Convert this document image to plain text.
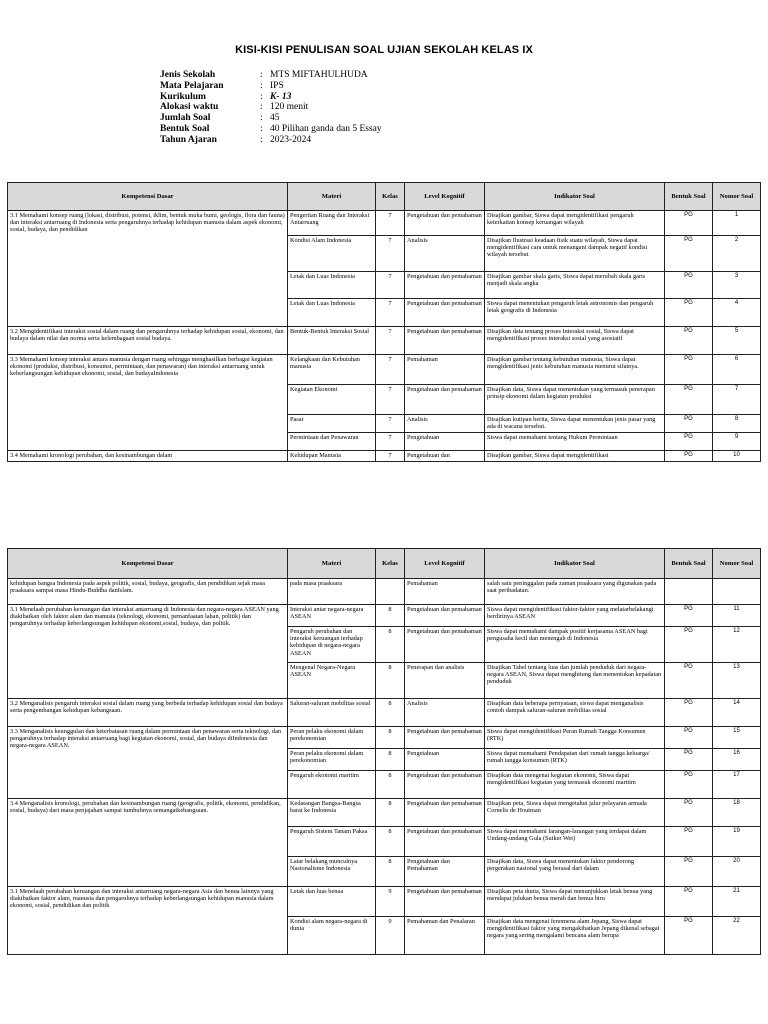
KISI-KISI PENULISAN SOAL UJIAN SEKOLAH KELAS IX
Jenis Sekolah	: MTS MIFTAHULHUDA
Mata Pelajaran	: IPS
Kurikulum	: K- 13
Alokasi waktu	: 120 menit
Jumlah Soal	: 45
Bentuk Soal	: 40 Pilihan ganda dan 5 Essay
Tahun Ajaran	: 2023-2024
Kompetensi Dasar	Materi	Kelas	Level Kognitif	Indikator Soal	Bentuk Soal	Nomor Soal
3.1 Memahami konsep ruang (lokasi, distribusi, potensi, iklim, bentuk muka bumi, geologis, flora dan fauna) dan interaksi antarruang di Indonesia serta pengaruhnya terhadap kehidupan manusia dalam aspek ekonomi, sosial, budaya, dan pendidikan	Pengertian Ruang dan Interaksi Antarruang	7	Pengetahuan dan pemahaman	Disajikan gambar, Siswa dapat mengidentifikasi pengaruh keterkaitan konsep keruangan wilayah	PG	1
	Kondisi Alam Indonesia	7	Analisis	Disajikan Ilustrasi keadaan fisik suatu wilayah, Siswa dapat mengidentifikasi cara untuk menangani dampak negatif kondisi wilayah tersebut	PG	2
	Letak dan Luas Indonesia	7	Pengetahuan dan pemahaman	Disajikan gambar skala garis, Siswa dapat merubah skala garis menjadi skala angka	PG	3
	Letak dan Luas Indonesia	7	Pengetahuan dan pemahaman	Siswa dapat menentukan pengaruh letak astronomis dan pengaruh letak geografis di Indonesia	PG	4
3.2 Mengidentifikasi interaksi sosial dalam ruang dan pengaruhnya terhadap kehidupan sosial, ekonomi, dan budaya dalam nilai dan norma serta kelembagaan sosial budaya.	Bentuk-Bentuk Interaksi Sosial	7	Pengetahuan dan pemahaman	Disajikan data tentang proses Interaksi sosial, Siswa dapat mengidentifikasi proses interaksi sosial yang asosiatif	PG	5
3.3 Memahami konsep interaksi antara manusia dengan ruang sehingga menghasilkan berbagai kegiatan ekonomi (produksi, distribusi, konsumsi, permintaan, dan penawaran) dan interaksi antarruang untuk keberlangsungan kehidupan ekonomi, sosial, dan budayaIndonesia	Kelangkaan dan Kebutuhan manusia	7	Pemahaman	Disajikan gambar tentang kebutuhan manusia, Siswa dapat mengidentifikasi jenis kebutuhan manusia menurut sifatnya.	PG	6
	Kegiatan Ekonomi	7	Pengetahuan dan pemahaman	Disajikan data, Siswa dapat menentukan yang termasuk penerapan prinsip ekonomi dalam kegiatan produksi	PG	7
	Pasar	7	Analisis	Disajikan kutipan berita, Siswa dapat menentukan jenis pasar yang ada di wacana tersebut.	PG	8
	Permintaan dan Penawaran	7	Pengetahuan	Siswa dapat memahami tentang Hukum Permintaan	PG	9
3.4 Memahami kronologi perubahan, dan kesinambungan dalam	Kehidupan Manusia	7	Pengetahuan dan	Disajikan gambar, Siswa dapat mengidentifikasi	PG	10
Kompetensi Dasar	Materi	Kelas	Level Kognitif	Indikator Soal	Bentuk Soal	Nomor Soal
kehidupan bangsa Indonesia pada aspek politik, sosial, budaya, geografis, dan pendidikan sejak masa praaksara sampai masa Hindu-Buddha danIslam.	pada masa praaksara		Pemahaman	salah satu peninggalan pada zaman praaksara yang digunakan pada saat peribadatan.		
3.1 Menelaah perubahan keruangan dan interaksi antarruang di Indonesia dan negara-negara ASEAN yang diakibatkan oleh faktor alam dan manusia (teknologi, ekonomi, pemanfaatan lahan, politik) dan pengaruhnya terhadap keberlangsungan kehidupan ekonomi,sosial, budaya, dan politik.	Interaksi antar negara-negara ASEAN	8	Pengetahuan dan pemahaman	Siswa dapat mengidentifikasi faktor-faktor yang melatarbelakangi berdirinya ASEAN	PG	11
	Pengaruh perubahan dan interaksi keruangan terhadap kehidupan di negara-negara ASEAN	8	Pengetahuan dan pemahaman	Siswa dapat memahami dampak positif kerjasama ASEAN bagi pengusaha kecil dan menengah di Indonesia	PG	12
	Mengenal Negara-Negara ASEAN	8	Penerapan dan analisis	Disajikan Tabel tentang luas dan jumlah penduduk dari negara-negara ASEAN, Siswa dapat menghitung dan menentukan kepadatan penduduk	PG	13
3.2 Menganalisis pengaruh interaksi sosial dalam ruang yang berbeda terhadap kehidupan sosial dan budaya serta pengembangan kehidupan kebangsaan.	Saluran-saluran mobilitas sosial	8	Analisis	Disajikan data beberapa pernyataan, siswa dapat menganalisis contoh dampak saluran-saluran mobilitas sosial	PG	14
3.3 Menganalisis keunggulan dan keterbatasan ruang dalam permintaan dan penawaran serta teknologi, dan pengaruhnya terhadap interaksi antarruang bagi kegiatan ekonomi, sosial, dan budaya diIndonesia dan negara-negara ASEAN.	Peran pelaku ekonomi dalam perekonomian	8	Pengetahuan dan pemahaman	Siswa dapat mengidentifikasi Peran Rumah Tangga Konsumen (RTK)	PG	15
	Peran pelaku ekonomi dalam perekonomian	8	Pengetahuan	Siswa dapat memahami Pendapatan dari rumah tangga keluarga/ rumah tangga konsumen (RTK)	PG	16
	Pengaruh ekonomi maritim	8	Pengetahuan dan pemahaman	Disajikan data mengenai kegiatan ekonomi, Siswa dapat mengidentifikasi kegiatan yang termasuk ekonomi maritim	PG	17
3.4 Menganalisis kronologi, perubahan dan kesinambungan ruang (geografis, politik, ekonomi, pendidikan, sosial, budaya) dari masa penjajahan sampai tumbuhnya semangatkebangsaan.	Kedatangan Bangsa-Bangsa barat ke Indonesia	8	Pengetahuan dan pemahaman	Disajikan peta, Siswa dapat mengetahui jalur pelayaran armada Cornelis de Houtman	PG	18
	Pengaruh Sistem Tanam Paksa	8	Pengetahuan dan pemahaman	Siswa dapat memahami larangan-larangan yang terdapat dalam Undang-undang Gula (Suiker Wet)	PG	19
	Latar belakang munculnya Nasionalisme Indonesia	8	Pengetahuan dan Pemahaman	Disajikan data, Siswa dapat menentukan faktor pendorong pergerakan nasional yang berasal dari dalam	PG	20
3.1 Menelaah perubahan keruangan dan interaksi antarruang negara-negara Asia dan benua lainnya yang diakibatkan faktor alam, manusia dan pengaruhnya terhadap keberlangsungan kehidupan manusia dalam ekonomi, sosial, pendidikan dan politik	Letak dan luas benua	9	Pengetahuan dan pemahaman	Disajikan peta dunia, Siswa dapat menunjukkan letak benua yang mendapat julukan benua merah dan benua biru	PG	21
	Kondisi alam negara-negara di dunia	9	Pemahaman dan Penalaran	Disajikan data mengenai fenomena alam Jepang, Siswa dapat mengidentifikasi faktor yang mengakibatkan Jepang dikenal sebagai negara yang sering mengalami bencana alam berupa	PG	22
